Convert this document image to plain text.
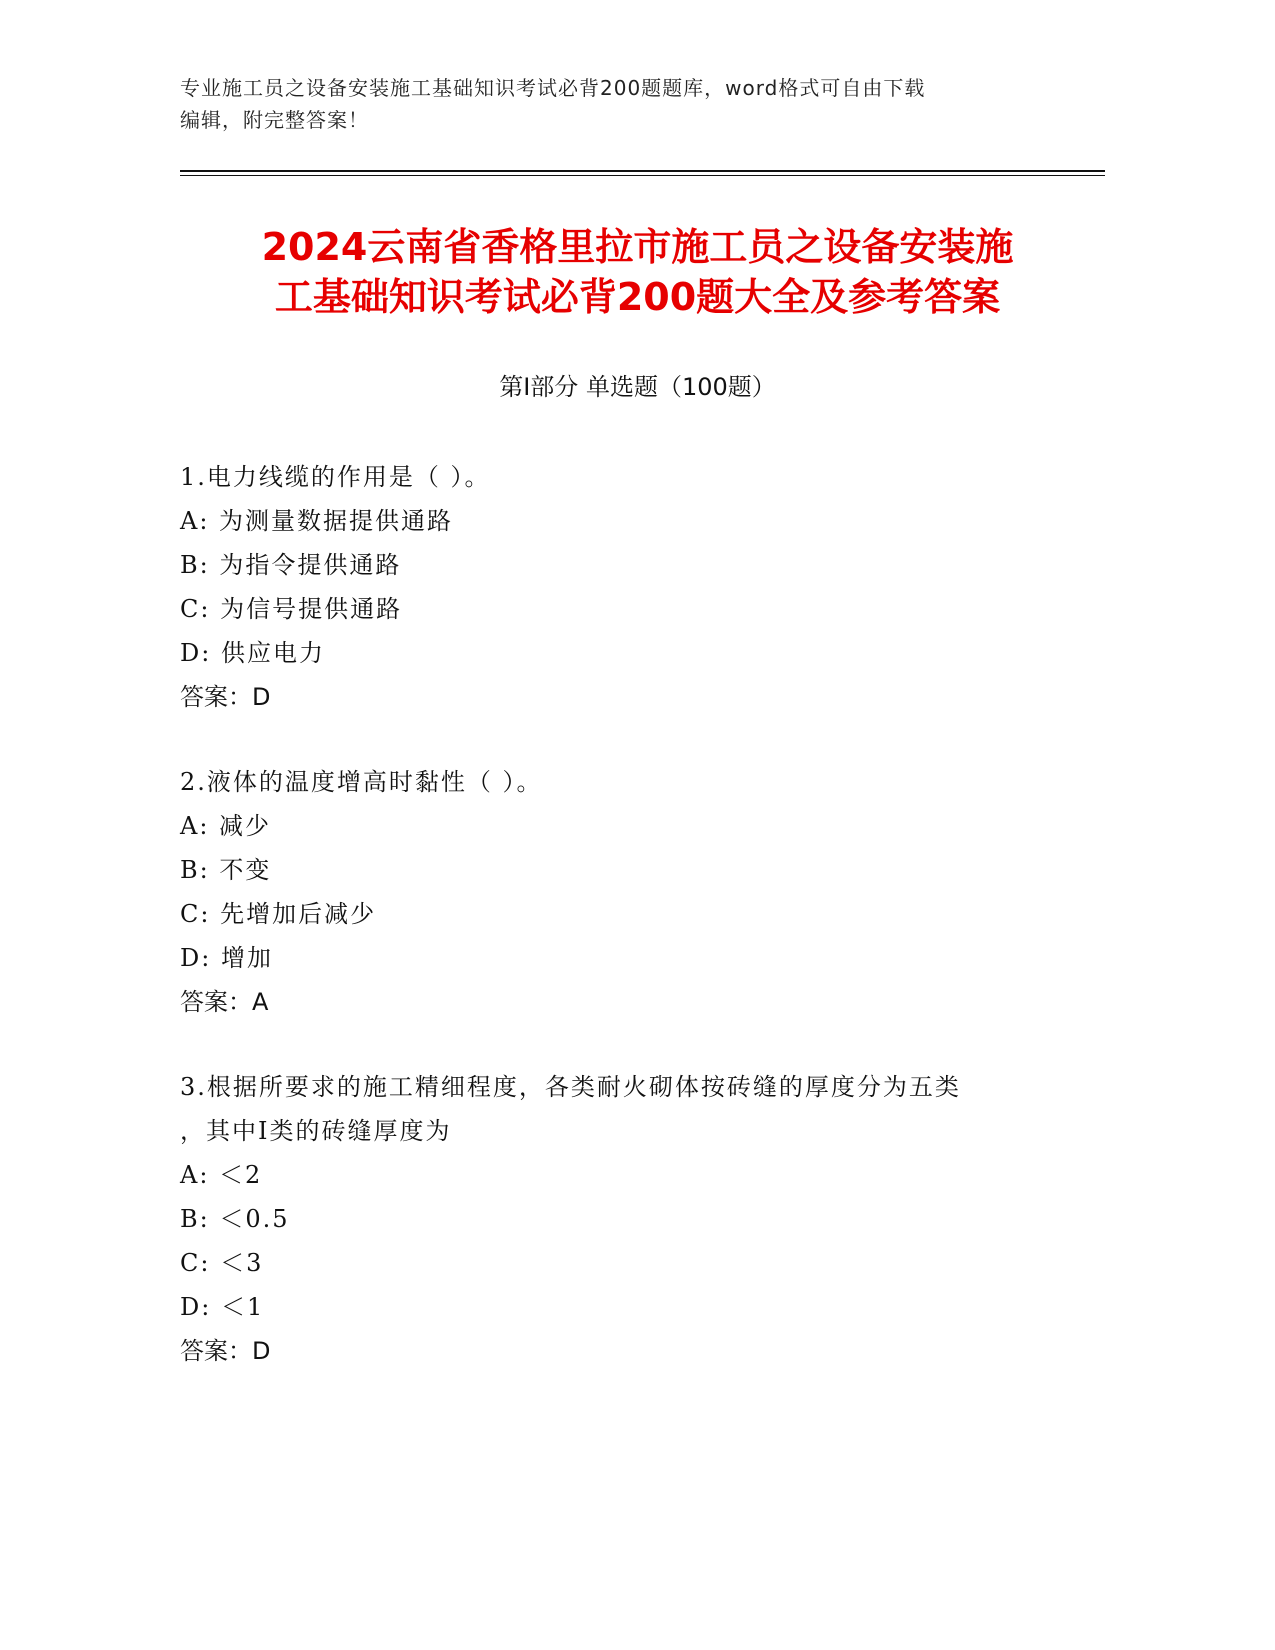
专业施工员之设备安装施工基础知识考试必背200题题库，word格式可自由下载
编辑，附完整答案！
2024云南省香格里拉市施工员之设备安装施
工基础知识考试必背200题大全及参考答案
第Ⅰ部分 单选题（100题）
1.电力线缆的作用是（ ）。
A: 为测量数据提供通路
B: 为指令提供通路
C: 为信号提供通路
D: 供应电力
答案：D
2.液体的温度增高时黏性（ ）。
A: 减少
B: 不变
C: 先增加后减少
D: 增加
答案：A
3.根据所要求的施工精细程度，各类耐火砌体按砖缝的厚度分为五类
，其中Ⅰ类的砖缝厚度为
A: ＜2
B: ＜0.5
C: ＜3
D: ＜1
答案：D
